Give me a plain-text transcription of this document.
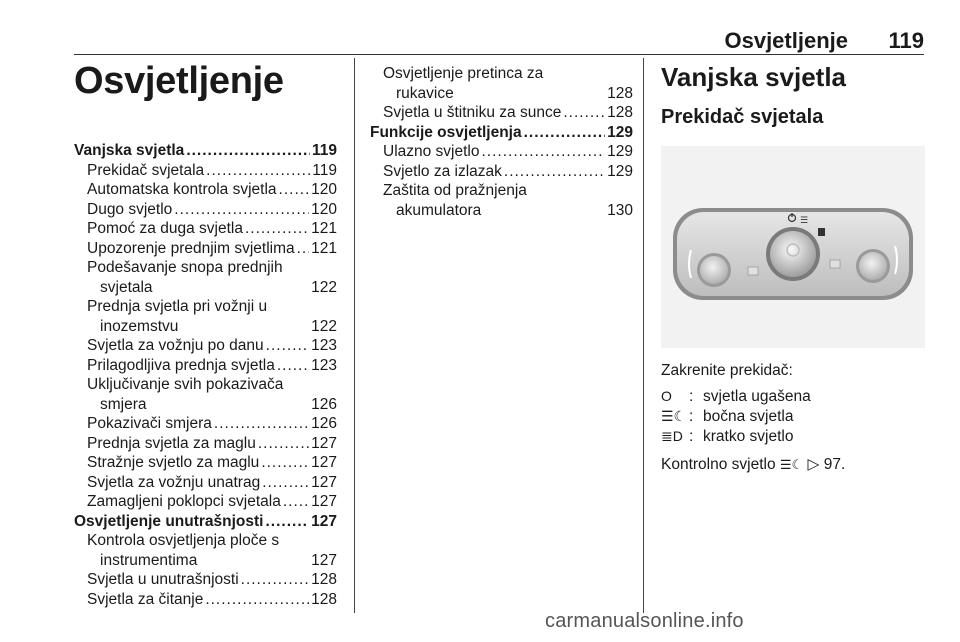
Osvjetljenje 119
Osvjetljenje
Vanjska svjetla .....	119
Prekidač svjetala .....	119
Automatska kontrola svjetla ..... 120
Dugo svjetlo .....	120
Pomoć za duga svjetla .....	121
Upozorenje prednjim svjetlima ..... 121
Podešavanje snopa prednjih
svjetala	122
Prednja svjetla pri vožnji u
inozemstvu	122
Svjetla za vožnju po danu .....	123
Prilagodljiva prednja svjetla ..... 123
Uključivanje svih pokazivača
smjera	126
Pokazivači smjera .....	126
Prednja svjetla za maglu .....	127
Stražnje svjetlo za maglu .....	127
Svjetla za vožnju unatrag .....	127
Zamagljeni poklopci svjetala ..... 127
Osvjetljenje unutrašnjosti .....	127
Kontrola osvjetljenja ploče s
instrumentima	127
Svjetla u unutrašnjosti .....	128
Svjetla za čitanje .....	128
Osvjetljenje pretinca za
rukavice	128
Svjetla u štitniku za sunce .....	128
Funkcije osvjetljenja .....	129
Ulazno svjetlo .....	129
Svjetlo za izlazak .....	129
Zaštita od pražnjenja
akumulatora	130
Vanjska svjetla
Prekidač svjetala
☰
Zakrenite prekidač:
O	: svjetla ugašena
☰☾ : bočna svjetla
≣D : kratko svjetlo
Kontrolno svjetlo ☰☾ ▷ 97.
carmanualsonline.info
